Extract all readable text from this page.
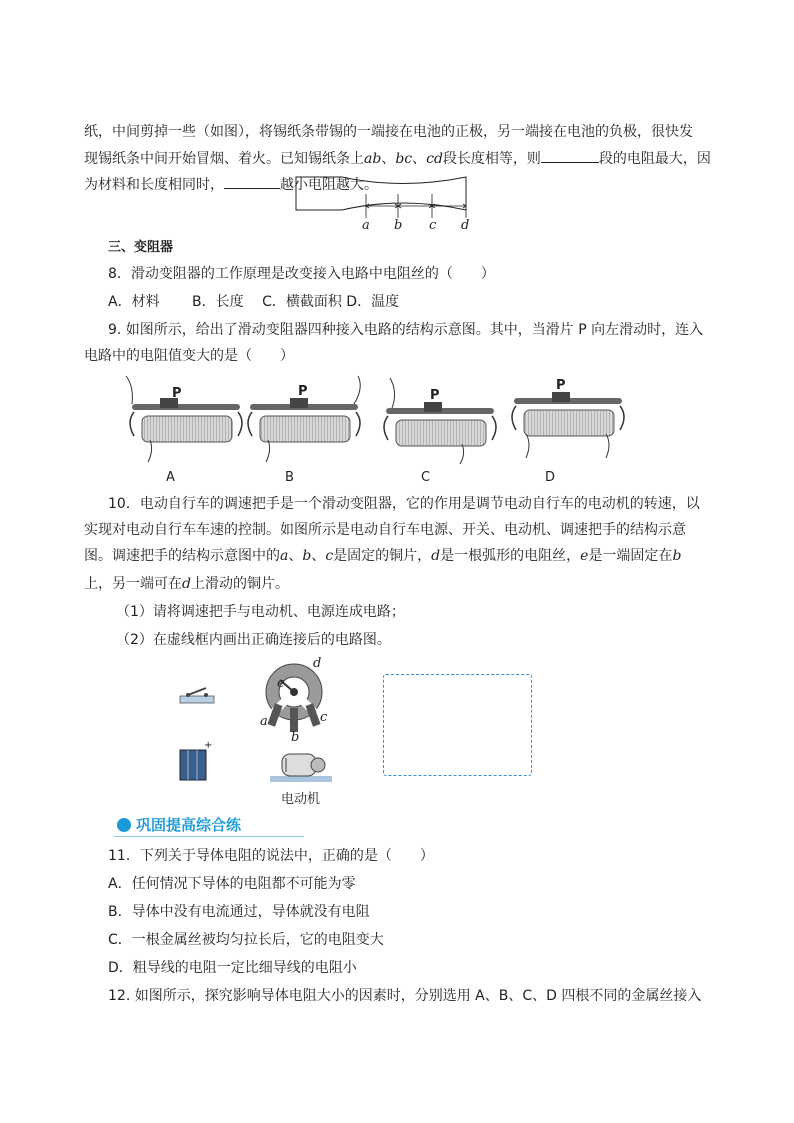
纸，中间剪掉一些（如图），将锡纸条带锡的一端接在电池的正极，另一端接在电池的负极，很快发
现锡纸条中间开始冒烟、着火。已知锡纸条上ab、bc、cd段长度相等，则	段的电阻最大，因
为材料和长度相同时，	越小电阻越大。
a b c d
三、变阻器
8．滑动变阻器的工作原理是改变接入电路中电阻丝的（　　）
A．材料　　 B．长度　 C．横截面积 D．温度
9. 如图所示，给出了滑动变阻器四种接入电路的结构示意图。其中，当滑片 P 向左滑动时，连入
电路中的电阻值变大的是（　　）
P	P	P
P
A	B	C	D
10．电动自行车的调速把手是一个滑动变阻器，它的作用是调节电动自行车的电动机的转速，以
实现对电动自行车车速的控制。如图所示是电动自行车电源、开关、电动机、调速把手的结构示意
图。调速把手的结构示意图中的a、b、c是固定的铜片，d是一根弧形的电阻丝，e是一端固定在b
上，另一端可在d上滑动的铜片。
（1）请将调速把手与电动机、电源连成电路；
（2）在虚线框内画出正确连接后的电路图。
+
d
e
a
b
c
电动机
巩固提高综合练
11．下列关于导体电阻的说法中，正确的是（　　）
A．任何情况下导体的电阻都不可能为零
B．导体中没有电流通过，导体就没有电阻
C．一根金属丝被均匀拉长后，它的电阻变大
D．粗导线的电阻一定比细导线的电阻小
12. 如图所示，探究影响导体电阻大小的因素时，分别选用 A、B、C、D 四根不同的金属丝接入
